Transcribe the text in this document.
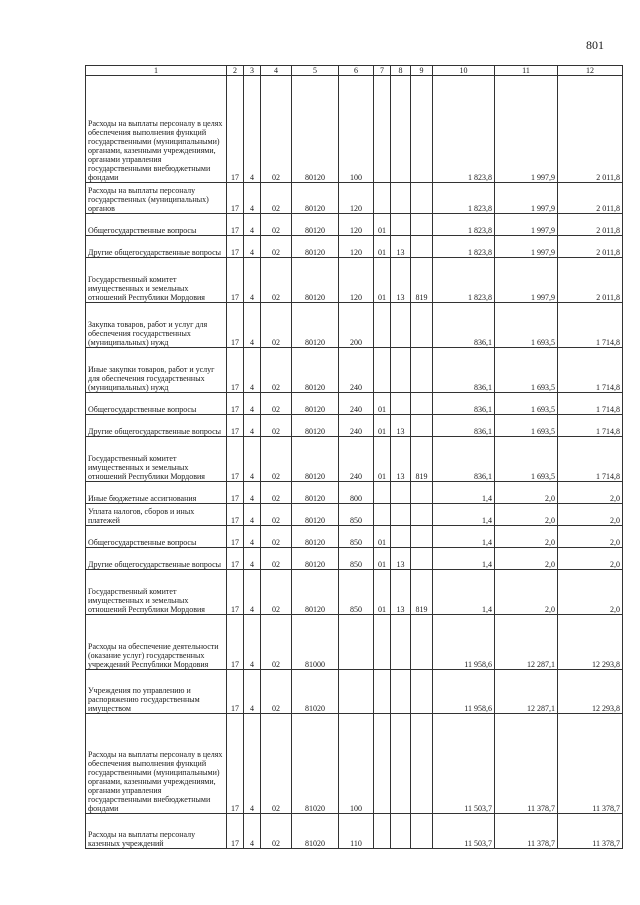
801
1	2	3	4	5	6	7	8	9	10	11	12
Расходы на выплаты персоналу в целях обеспечения выполнения функций государственными (муниципальными) органами, казенными учреждениями, органами управления государственными внебюджетными фондами	17	4	02	80120	100				1 823,8	1 997,9	2 011,8
Расходы на выплаты персоналу государственных (муниципальных) органов	17	4	02	80120	120				1 823,8	1 997,9	2 011,8
Общегосударственные вопросы	17	4	02	80120	120	01			1 823,8	1 997,9	2 011,8
Другие общегосударственные вопросы	17	4	02	80120	120	01	13		1 823,8	1 997,9	2 011,8
Государственный комитет имущественных и земельных отношений Республики Мордовия	17	4	02	80120	120	01	13	819	1 823,8	1 997,9	2 011,8
Закупка товаров, работ и услуг для обеспечения государственных (муниципальных) нужд	17	4	02	80120	200				836,1	1 693,5	1 714,8
Иные закупки товаров, работ и услуг для обеспечения государственных (муниципальных) нужд	17	4	02	80120	240				836,1	1 693,5	1 714,8
Общегосударственные вопросы	17	4	02	80120	240	01			836,1	1 693,5	1 714,8
Другие общегосударственные вопросы	17	4	02	80120	240	01	13		836,1	1 693,5	1 714,8
Государственный комитет имущественных и земельных отношений Республики Мордовия	17	4	02	80120	240	01	13	819	836,1	1 693,5	1 714,8
Иные бюджетные ассигнования	17	4	02	80120	800				1,4	2,0	2,0
Уплата налогов, сборов и иных платежей	17	4	02	80120	850				1,4	2,0	2,0
Общегосударственные вопросы	17	4	02	80120	850	01			1,4	2,0	2,0
Другие общегосударственные вопросы	17	4	02	80120	850	01	13		1,4	2,0	2,0
Государственный комитет имущественных и земельных отношений Республики Мордовия	17	4	02	80120	850	01	13	819	1,4	2,0	2,0
Расходы на обеспечение деятельности (оказание услуг) государственных учреждений Республики Мордовия	17	4	02	81000					11 958,6	12 287,1	12 293,8
Учреждения по управлению и распоряжению государственным имуществом	17	4	02	81020					11 958,6	12 287,1	12 293,8
Расходы на выплаты персоналу в целях обеспечения выполнения функций государственными (муниципальными) органами, казенными учреждениями, органами управления государственными внебюджетными фондами	17	4	02	81020	100				11 503,7	11 378,7	11 378,7
Расходы на выплаты персоналу казенных учреждений	17	4	02	81020	110				11 503,7	11 378,7	11 378,7
